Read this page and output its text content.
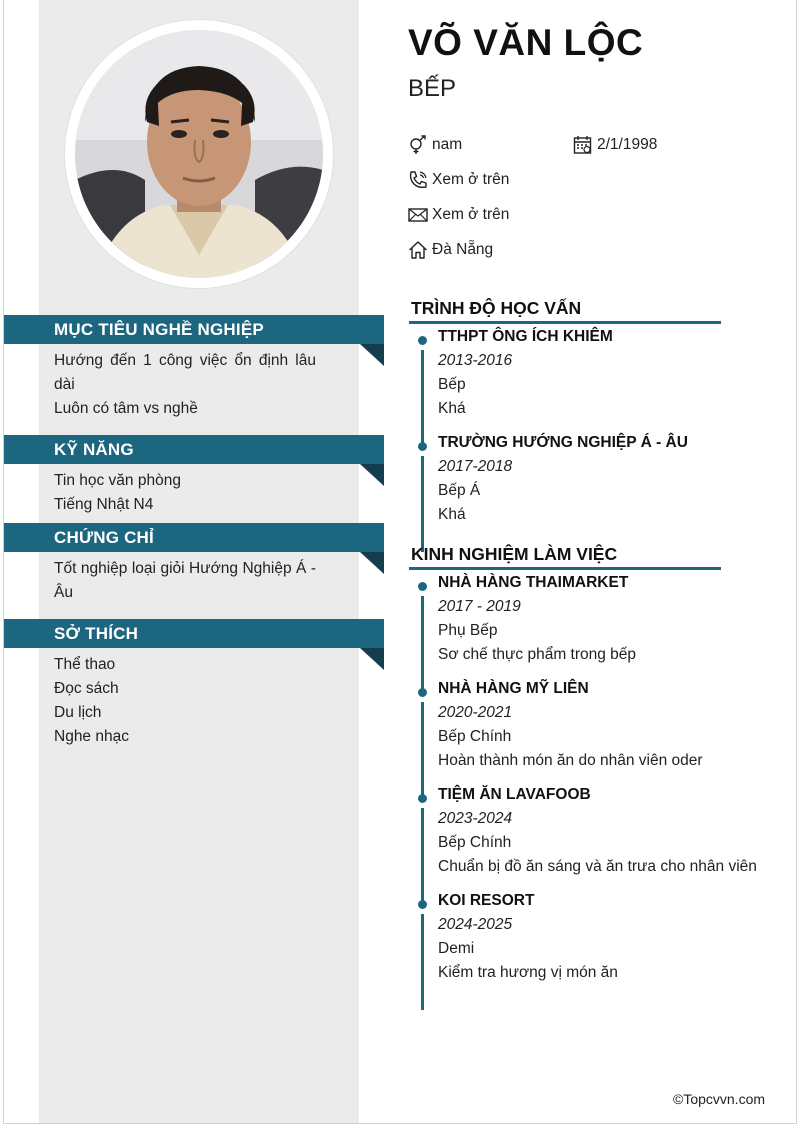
MỤC TIÊU NGHỀ NGHIỆP
Hướng đến 1 công việc ổn định lâu dài
Luôn có tâm vs nghề
KỸ NĂNG
Tin học văn phòng
Tiếng Nhật N4
CHỨNG CHỈ
Tốt nghiệp loại giỏi Hướng Nghiệp Á - Âu
SỞ THÍCH
Thể thao
Đọc sách
Du lịch
Nghe nhạc
VÕ VĂN LỘC
BẾP
nam	2/1/1998
Xem ở trên
Xem ở trên
Đà Nẵng
TRÌNH ĐỘ HỌC VẤN
TTHPT ÔNG ÍCH KHIÊM
2013-2016
Bếp
Khá
TRƯỜNG HƯỚNG NGHIỆP Á - ÂU
2017-2018
Bếp Á
Khá
KINH NGHIỆM LÀM VIỆC
NHÀ HÀNG THAIMARKET
2017 - 2019
Phụ Bếp
Sơ chế thực phẩm trong bếp
NHÀ HÀNG MỸ LIÊN
2020-2021
Bếp Chính
Hoàn thành món ăn do nhân viên oder
TIỆM ĂN LAVAFOOB
2023-2024
Bếp Chính
Chuẩn bị đồ ăn sáng và ăn trưa cho nhân viên
KOI RESORT
2024-2025
Demi
Kiểm tra hương vị món ăn
©Topcvvn.com
